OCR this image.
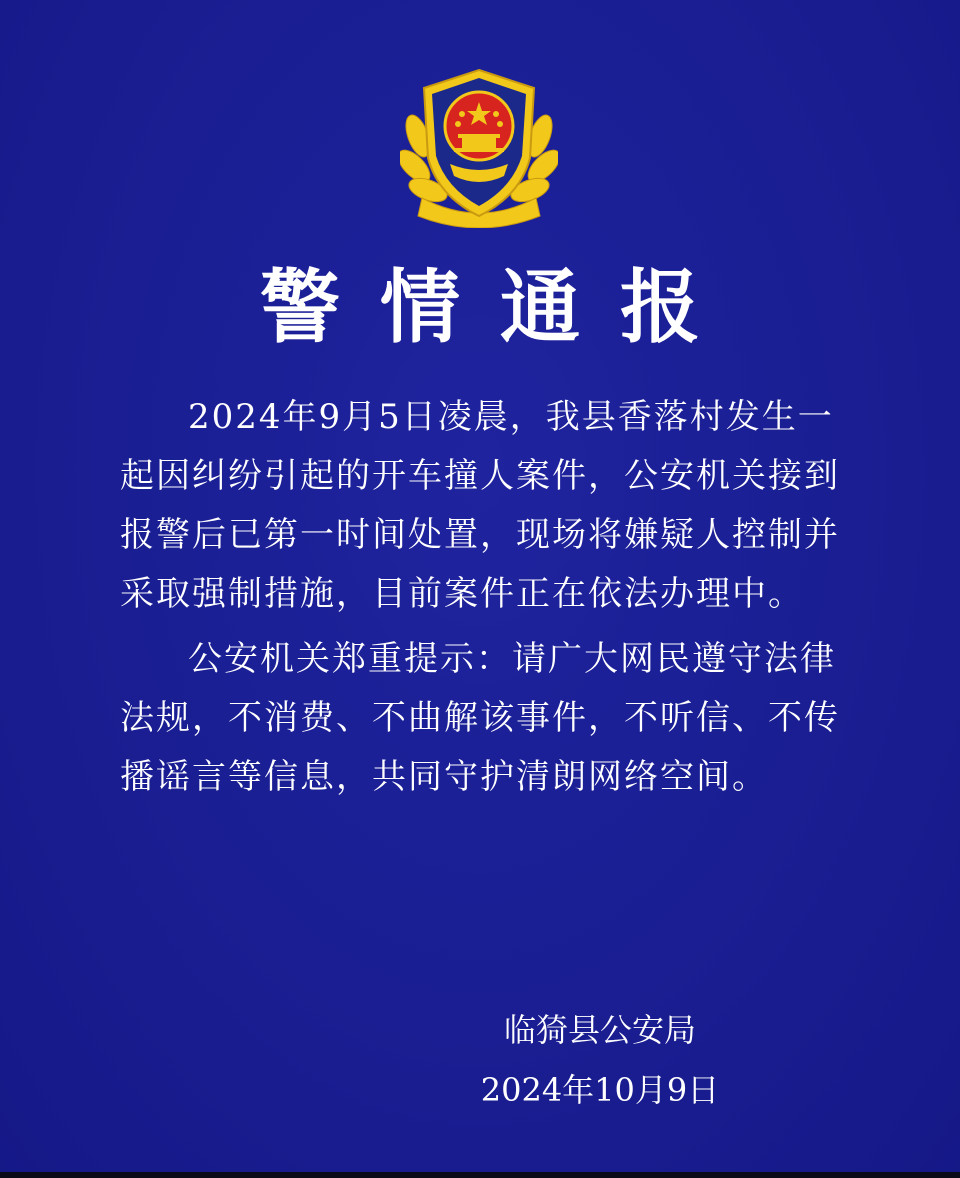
警情通报

2024年9月5日凌晨，我县香落村发生一起因纠纷引起的开车撞人案件，公安机关接到报警后已第一时间处置，现场将嫌疑人控制并采取强制措施，目前案件正在依法办理中。

公安机关郑重提示：请广大网民遵守法律法规，不消费、不曲解该事件，不听信、不传播谣言等信息，共同守护清朗网络空间。

临猗县公安局
2024年10月9日
